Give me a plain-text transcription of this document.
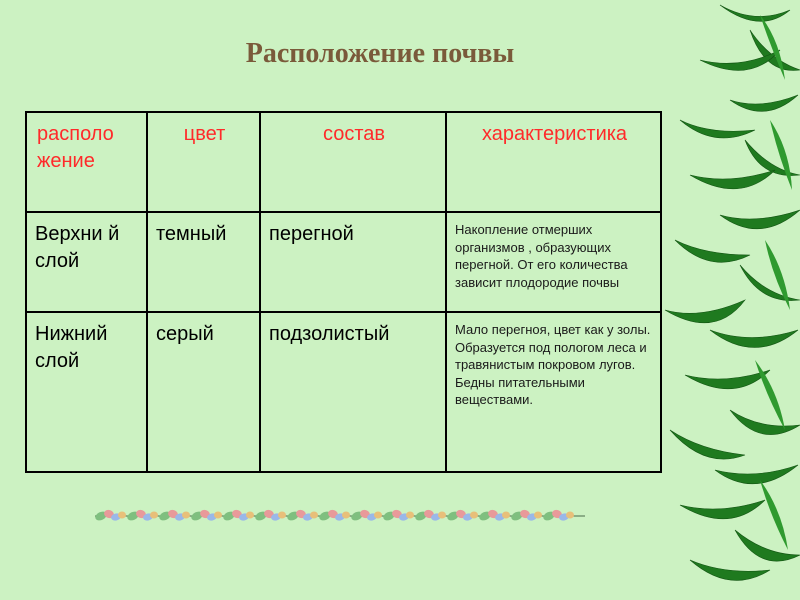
Расположение почвы
располо жение	цвет	состав	характеристика
Верхни й слой	темный	перегной	Накопление отмерших организмов , образующих перегной. От его количества зависит плодородие почвы
Нижний слой	серый	подзолистый	Мало перегноя, цвет как у золы. Образуется под пологом леса и травянистым покровом лугов. Бедны питательными веществами.
